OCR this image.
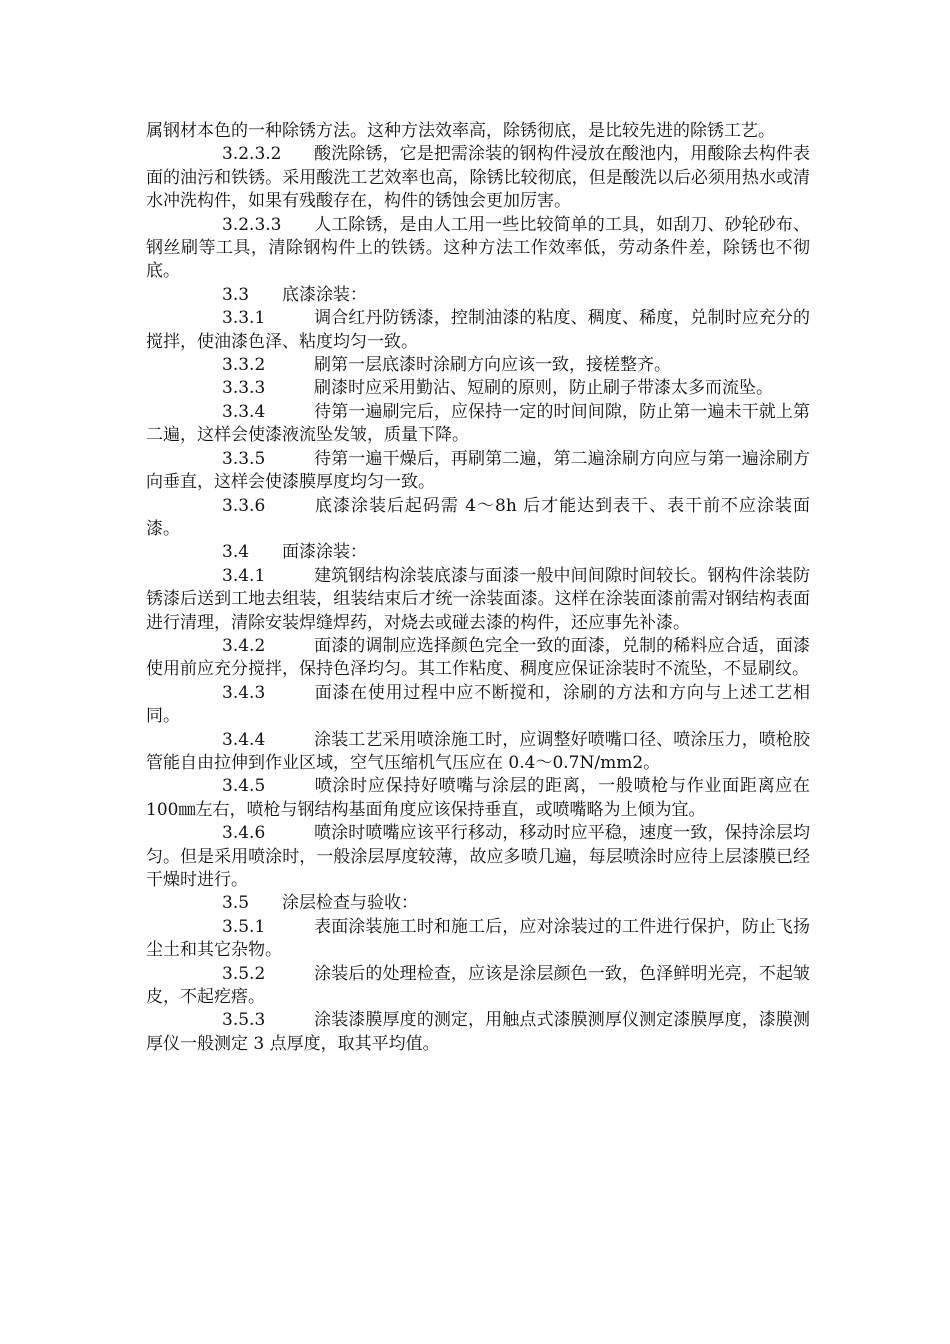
属钢材本色的一种除锈方法。这种方法效率高，除锈彻底，是比较先进的除锈工艺。

3.2.3.2 酸洗除锈，它是把需涂装的钢构件浸放在酸池内，用酸除去构件表面的油污和铁锈。采用酸洗工艺效率也高，除锈比较彻底，但是酸洗以后必须用热水或清水冲洗构件，如果有残酸存在，构件的锈蚀会更加厉害。

3.2.3.3 人工除锈，是由人工用一些比较简单的工具，如刮刀、砂轮砂布、钢丝刷等工具，清除钢构件上的铁锈。这种方法工作效率低，劳动条件差，除锈也不彻底。

3.3 底漆涂装：

3.3.1	调合红丹防锈漆，控制油漆的粘度、稠度、稀度，兑制时应充分的搅拌，使油漆色泽、粘度均匀一致。

3.3.2	刷第一层底漆时涂刷方向应该一致，接槎整齐。

3.3.3	刷漆时应采用勤沾、短刷的原则，防止刷子带漆太多而流坠。

3.3.4	待第一遍刷完后，应保持一定的时间间隙，防止第一遍未干就上第二遍，这样会使漆液流坠发皱，质量下降。

3.3.5	待第一遍干燥后，再刷第二遍，第二遍涂刷方向应与第一遍涂刷方向垂直，这样会使漆膜厚度均匀一致。

3.3.6	底漆涂装后起码需 4～8h 后才能达到表干、表干前不应涂装面漆。

3.4 面漆涂装：

3.4.1	建筑钢结构涂装底漆与面漆一般中间间隙时间较长。钢构件涂装防锈漆后送到工地去组装，组装结束后才统一涂装面漆。这样在涂装面漆前需对钢结构表面进行清理，清除安装焊缝焊药，对烧去或碰去漆的构件，还应事先补漆。

3.4.2	面漆的调制应选择颜色完全一致的面漆，兑制的稀料应合适，面漆使用前应充分搅拌，保持色泽均匀。其工作粘度、稠度应保证涂装时不流坠，不显刷纹。

3.4.3	面漆在使用过程中应不断搅和，涂刷的方法和方向与上述工艺相同。

3.4.4	涂装工艺采用喷涂施工时，应调整好喷嘴口径、喷涂压力，喷枪胶管能自由拉伸到作业区域，空气压缩机气压应在 0.4～0.7N/mm2。

3.4.5	喷涂时应保持好喷嘴与涂层的距离，一般喷枪与作业面距离应在 100㎜左右，喷枪与钢结构基面角度应该保持垂直，或喷嘴略为上倾为宜。

3.4.6	喷涂时喷嘴应该平行移动，移动时应平稳，速度一致，保持涂层均匀。但是采用喷涂时，一般涂层厚度较薄，故应多喷几遍，每层喷涂时应待上层漆膜已经干燥时进行。

3.5 涂层检查与验收：

3.5.1	表面涂装施工时和施工后，应对涂装过的工件进行保护，防止飞扬尘土和其它杂物。

3.5.2	涂装后的处理检查，应该是涂层颜色一致，色泽鲜明光亮，不起皱皮，不起疙瘩。

3.5.3	涂装漆膜厚度的测定，用触点式漆膜测厚仪测定漆膜厚度，漆膜测厚仪一般测定 3 点厚度，取其平均值。
